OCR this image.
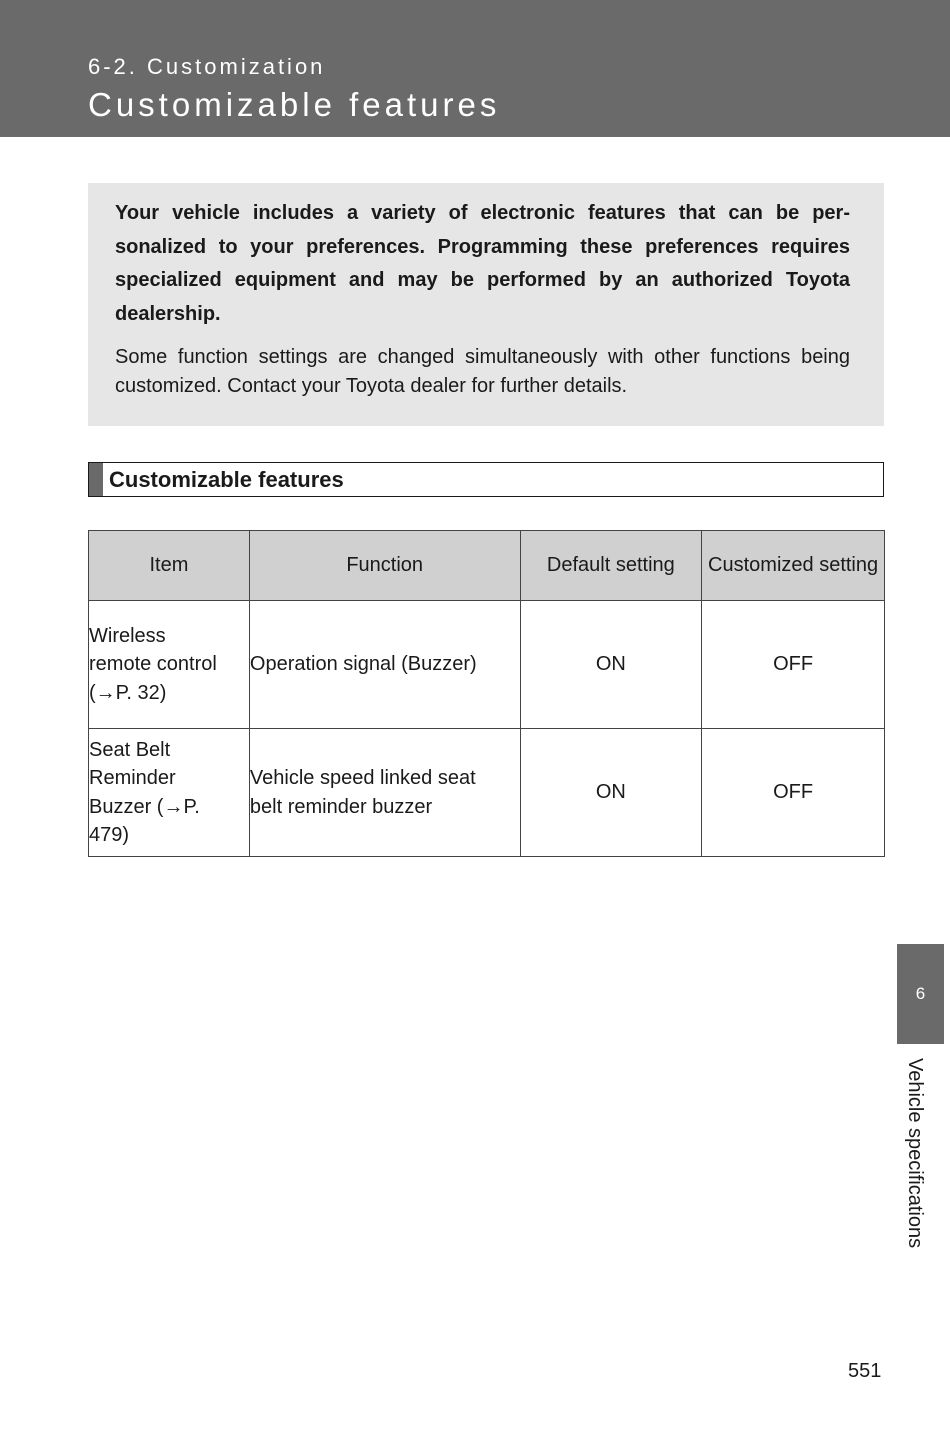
6-2. Customization
Customizable features

Your vehicle includes a variety of electronic features that can be personalized to your preferences. Programming these preferences requires specialized equipment and may be performed by an authorized Toyota dealership.

Some function settings are changed simultaneously with other functions being customized. Contact your Toyota dealer for further details.

Customizable features
Item	Function	Default setting	Customized setting
Wireless remote control (→P. 32)	Operation signal (Buzzer)	ON	OFF
Seat Belt Reminder Buzzer (→P. 479)	Vehicle speed linked seat belt reminder buzzer	ON	OFF
6
Vehicle specifications
551
